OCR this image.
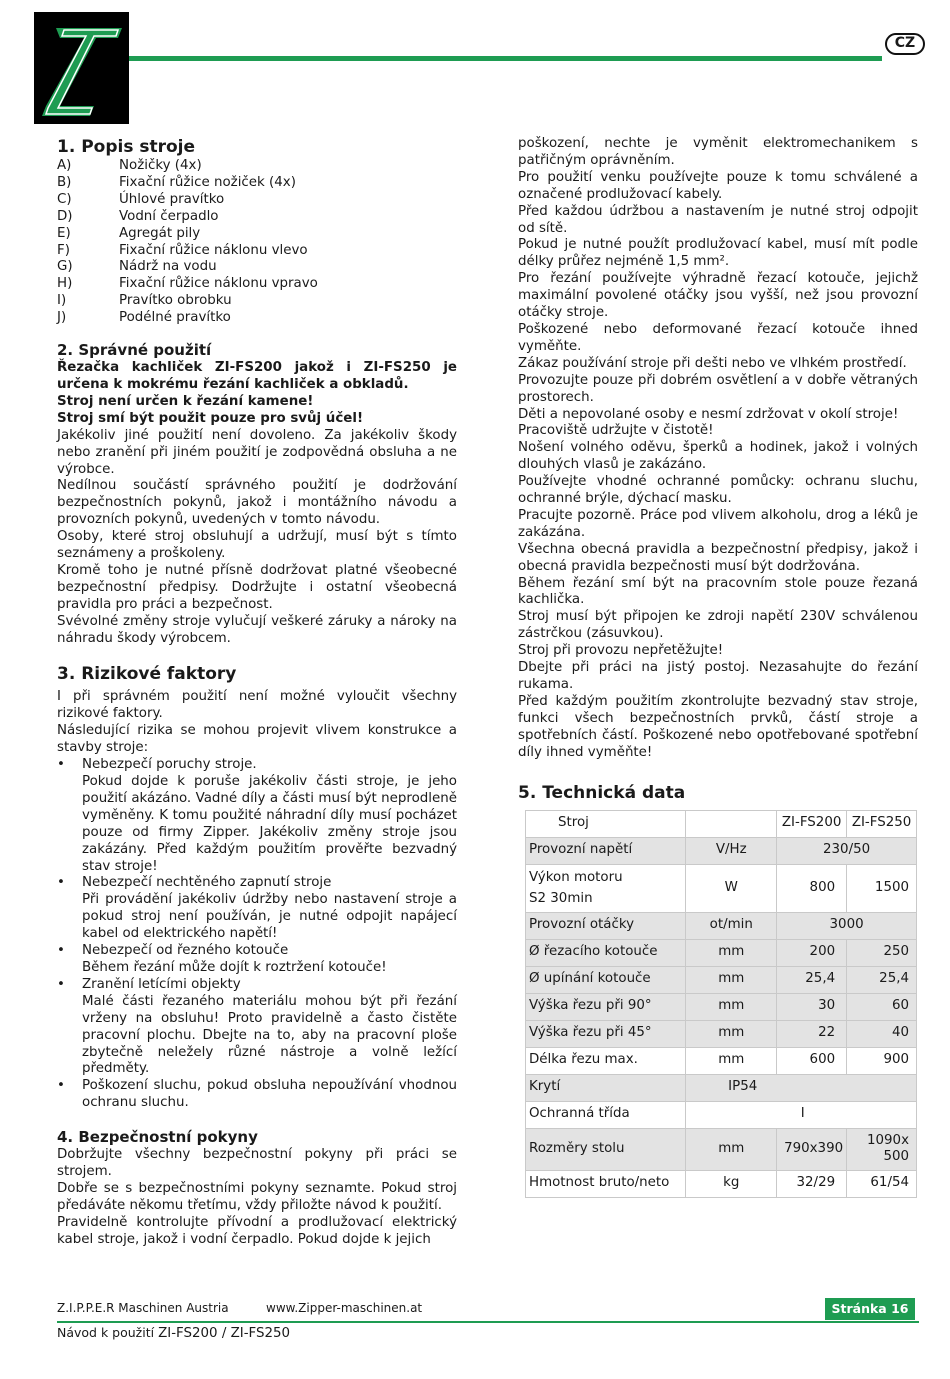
CZ
1. Popis stroje
A)	Nožičky (4x)
B)	Fixační růžice nožiček (4x)
C)	Úhlové pravítko
D)	Vodní čerpadlo
E)	Agregát pily
F)	Fixační růžice náklonu vlevo
G)	Nádrž na vodu
H)	Fixační růžice náklonu vpravo
I)	Pravítko obrobku
J)	Podélné pravítko
2. Správné použití

Řezačka kachliček ZI-FS200 jakož i ZI-FS250 je určena k mokrému řezání kachliček a obkladů.

Stroj není určen k řezání kamene!

Stroj smí být použit pouze pro svůj účel!

Jakékoliv jiné použití není dovoleno. Za jakékoliv škody nebo zranění při jiném použití je zodpovědná obsluha a ne výrobce.

Nedílnou součástí správného použití je dodržování bezpečnostních pokynů, jakož i montážního návodu a provozních pokynů, uvedených v tomto návodu.

Osoby, které stroj obsluhují a udržují, musí být s tímto seznámeny a proškoleny.

Kromě toho je nutné přísně dodržovat platné všeobecné bezpečnostní předpisy. Dodržujte i ostatní všeobecná pravidla pro práci a bezpečnost.

Svévolné změny stroje vylučují veškeré záruky a nároky na náhradu škody výrobcem.

3. Rizikové faktory

I při správném použití není možné vyloučit všechny rizikové faktory.

Následující rizika se mohou projevit vlivem konstrukce a stavby stroje:

• Nebezpečí poruchy stroje.
Pokud dojde k poruše jakékoliv části stroje, je jeho použití akázáno. Vadné díly a části musí být neprodleně vyměněny. K tomu použité náhradní díly musí pocházet pouze od firmy Zipper. Jakékoliv změny stroje jsou zakázány. Před každým použitím prověřte bezvadný stav stroje!
• Nebezpečí nechtěného zapnutí stroje
Při provádění jakékoliv údržby nebo nastavení stroje a pokud stroj není používán, je nutné odpojit napájecí kabel od elektrického napětí!
• Nebezpečí od řezného kotouče
Během řezání může dojít k roztržení kotouče!
• Zranění letícími objekty
Malé části řezaného materiálu mohou být při řezání vrženy na obsluhu! Proto pravidelně a často čistěte pracovní plochu. Dbejte na to, aby na pracovní ploše zbytečně neležely různé nástroje a volně ležící předměty.
• Poškození sluchu, pokud obsluha nepoužívání vhodnou ochranu sluchu.
4. Bezpečnostní pokyny

Dobržujte všechny bezpečnostní pokyny při práci se strojem.

Dobře se s bezpečnostními pokyny seznamte. Pokud stroj předáváte někomu třetímu, vždy přiložte návod k použití.

Pravidelně kontrolujte přívodní a prodlužovací elektrický kabel stroje, jakož i vodní čerpadlo. Pokud dojde k jejich

poškození, nechte je vyměnit elektromechanikem s patřičným oprávněním.

Pro použití venku používejte pouze k tomu schválené a označené prodlužovací kabely.

Před každou údržbou a nastavením je nutné stroj odpojit od sítě.

Pokud je nutné použít prodlužovací kabel, musí mít podle délky průřez nejméně 1,5 mm².

Pro řezání používejte výhradně řezací kotouče, jejichž maximální povolené otáčky jsou vyšší, než jsou provozní otáčky stroje.

Poškozené nebo deformované řezací kotouče ihned vyměňte.

Zákaz používání stroje při dešti nebo ve vlhkém prostředí.

Provozujte pouze při dobrém osvětlení a v dobře větraných prostorech.

Děti a nepovolané osoby e nesmí zdržovat v okolí stroje!

Pracoviště udržujte v čistotě!

Nošení volného oděvu, šperků a hodinek, jakož i volných dlouhých vlasů je zakázáno.

Používejte vhodné ochranné pomůcky: ochranu sluchu, ochranné brýle, dýchací masku.

Pracujte pozorně. Práce pod vlivem alkoholu, drog a léků je zakázána.

Všechna obecná pravidla a bezpečnostní předpisy, jakož i obecná pravidla bezpečnosti musí být dodržována.

Během řezání smí být na pracovním stole pouze řezaná kachlička.

Stroj musí být připojen ke zdroji napětí 230V schválenou zástrčkou (zásuvkou).

Stroj při provozu nepřetěžujte!

Dbejte při práci na jistý postoj. Nezasahujte do řezání rukama.

Před každým použitím zkontrolujte bezvadný stav stroje, funkci všech bezpečnostních prvků, částí stroje a spotřebních částí. Poškozené nebo opotřebované spotřební díly ihned vyměňte!

5. Technická data
Stroj		ZI-FS200	ZI-FS250
Provozní napětí	V/Hz	230/50	

Výkon motoru
S2 30min	W	800	1500
Provozní otáčky	ot/min	3000	
Ø řezacího kotouče	mm	200	250
Ø upínání kotouče	mm	25,4	25,4
Výška řezu při 90°	mm	30	60
Výška řezu při 45°	mm	22	40
Délka řezu max.	mm	600	900
Krytí	IP54		
Ochranná třída	I		
Rozměry stolu	mm	790x390	1090x
500

Hmotnost bruto/neto	kg	32/29	61/54
Z.I.P.P.E.R Maschinen Austria	www.Zipper-maschinen.at	Stránka 16
Návod k použití ZI-FS200 / ZI-FS250
